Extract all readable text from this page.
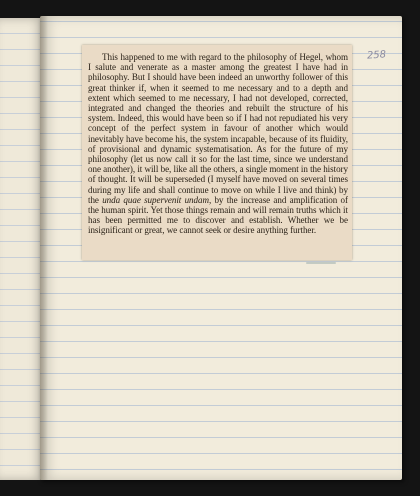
258

This happened to me with regard to the philosophy of Hegel, whom I salute and venerate as a master among the greatest I have had in philosophy. But I should have been indeed an unworthy follower of this great thinker if, when it seemed to me necessary and to a depth and extent which seemed to me necessary, I had not developed, corrected, integrated and changed the theories and rebuilt the structure of his system. Indeed, this would have been so if I had not repudiated his very concept of the perfect system in favour of another which would inevitably have become his, the system incapable, because of its fluidity, of provisional and dynamic systematisation. As for the future of my philosophy (let us now call it so for the last time, since we understand one another), it will be, like all the others, a single moment in the history of thought. It will be superseded (I myself have moved on several times during my life and shall continue to move on while I live and think) by the unda quae supervenit undam, by the increase and amplification of the human spirit. Yet those things remain and will remain truths which it has been permitted me to discover and establish. Whether we be insignificant or great, we cannot seek or desire anything further.
